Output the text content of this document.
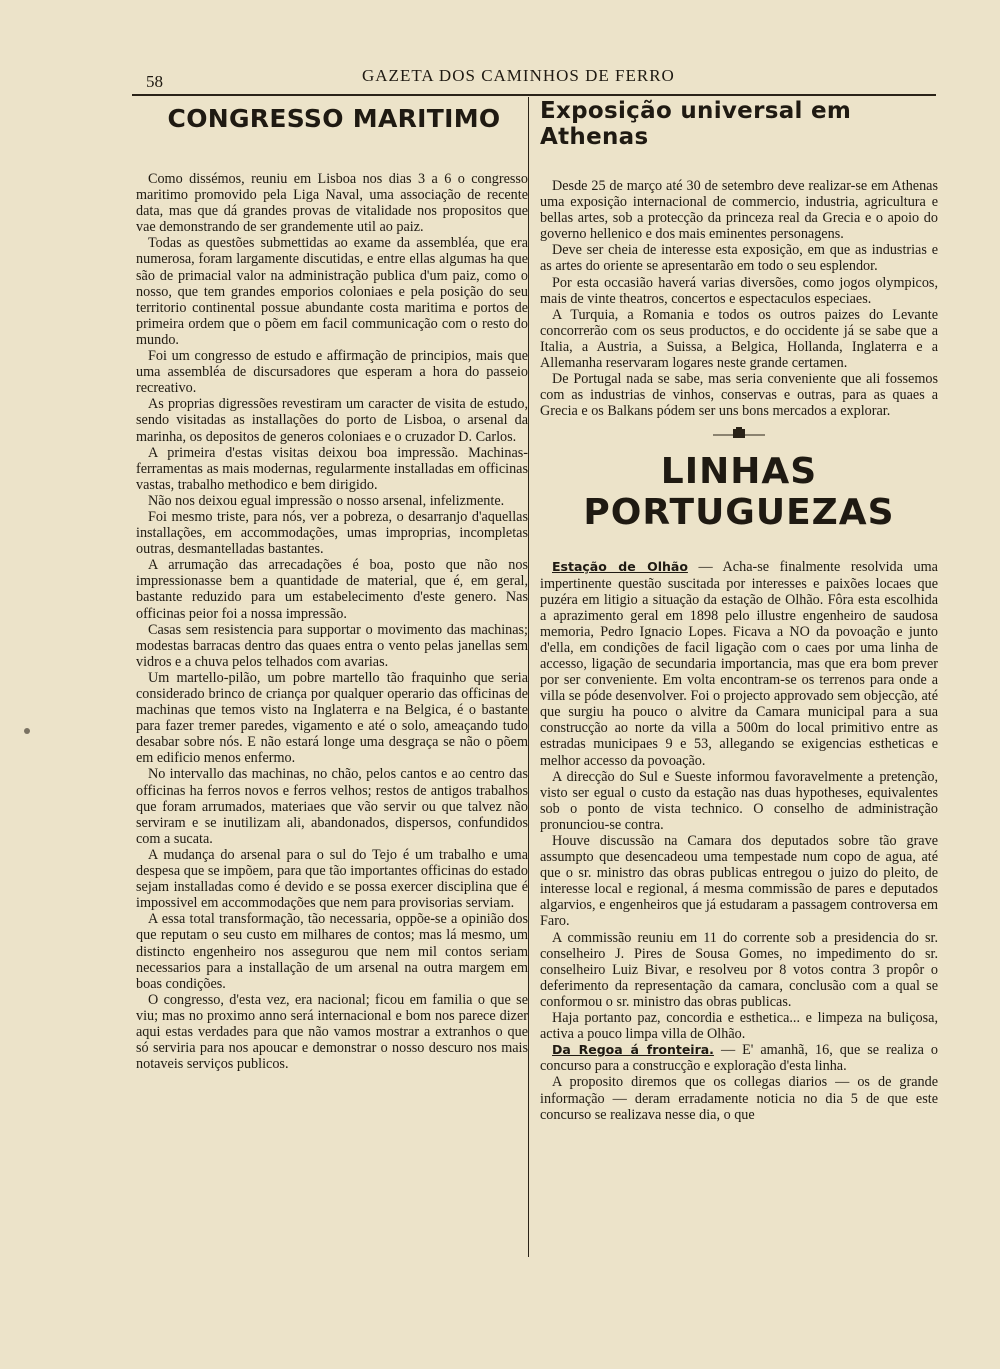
58	GAZETA DOS CAMINHOS DE FERRO
CONGRESSO MARITIMO

Como dissémos, reuniu em Lisboa nos dias 3 a 6 o congresso maritimo promovido pela Liga Naval, uma associação de recente data, mas que dá grandes provas de vitalidade nos propositos que vae demonstrando de ser grandemente util ao paiz.

Todas as questões submettidas ao exame da assembléa, que era numerosa, foram largamente discutidas, e entre ellas algumas ha que são de primacial valor na administração publica d'um paiz, como o nosso, que tem grandes emporios coloniaes e pela posição do seu territorio continental possue abundante costa maritima e portos de primeira ordem que o põem em facil communicação com o resto do mundo.

Foi um congresso de estudo e affirmação de principios, mais que uma assembléa de discursadores que esperam a hora do passeio recreativo.

As proprias digressões revestiram um caracter de visita de estudo, sendo visitadas as installações do porto de Lisboa, o arsenal da marinha, os depositos de generos coloniaes e o cruzador D. Carlos.

A primeira d'estas visitas deixou boa impressão. Machinas-ferramentas as mais modernas, regularmente installadas em officinas vastas, trabalho methodico e bem dirigido.

Não nos deixou egual impressão o nosso arsenal, infelizmente.

Foi mesmo triste, para nós, ver a pobreza, o desarranjo d'aquellas installações, em accommodações, umas improprias, incompletas outras, desmantelladas bastantes.

A arrumação das arrecadações é boa, posto que não nos impressionasse bem a quantidade de material, que é, em geral, bastante reduzido para um estabelecimento d'este genero. Nas officinas peior foi a nossa impressão.

Casas sem resistencia para supportar o movimento das machinas; modestas barracas dentro das quaes entra o vento pelas janellas sem vidros e a chuva pelos telhados com avarias.

Um martello-pilão, um pobre martello tão fraquinho que seria considerado brinco de criança por qualquer operario das officinas de machinas que temos visto na Inglaterra e na Belgica, é o bastante para fazer tremer paredes, vigamento e até o solo, ameaçando tudo desabar sobre nós. E não estará longe uma desgraça se não o põem em edificio menos enfermo.

No intervallo das machinas, no chão, pelos cantos e ao centro das officinas ha ferros novos e ferros velhos; restos de antigos trabalhos que foram arrumados, materiaes que vão servir ou que talvez não serviram e se inutilizam ali, abandonados, dispersos, confundidos com a sucata.

A mudança do arsenal para o sul do Tejo é um trabalho e uma despesa que se impõem, para que tão importantes officinas do estado sejam installadas como é devido e se possa exercer disciplina que é impossivel em accommodações que nem para provisorias serviam.

A essa total transformação, tão necessaria, oppõe-se a opinião dos que reputam o seu custo em milhares de contos; mas lá mesmo, um distincto engenheiro nos assegurou que nem mil contos seriam necessarios para a installação de um arsenal na outra margem em boas condições.

O congresso, d'esta vez, era nacional; ficou em familia o que se viu; mas no proximo anno será internacional e bom nos parece dizer aqui estas verdades para que não vamos mostrar a extranhos o que só serviria para nos apoucar e demonstrar o nosso descuro nos mais notaveis serviços publicos.

Exposição universal em Athenas

Desde 25 de março até 30 de setembro deve realizar-se em Athenas uma exposição internacional de commercio, industria, agricultura e bellas artes, sob a protecção da princeza real da Grecia e o apoio do governo hellenico e dos mais eminentes personagens.

Deve ser cheia de interesse esta exposição, em que as industrias e as artes do oriente se apresentarão em todo o seu esplendor.

Por esta occasião haverá varias diversões, como jogos olympicos, mais de vinte theatros, concertos e espectaculos especiaes.

A Turquia, a Romania e todos os outros paizes do Levante concorrerão com os seus productos, e do occidente já se sabe que a Italia, a Austria, a Suissa, a Belgica, Hollanda, Inglaterra e a Allemanha reservaram logares neste grande certamen.

De Portugal nada se sabe, mas seria conveniente que ali fossemos com as industrias de vinhos, conservas e outras, para as quaes a Grecia e os Balkans pódem ser uns bons mercados a explorar.

LINHAS PORTUGUEZAS

Estação de Olhão — Acha-se finalmente resolvida uma impertinente questão suscitada por interesses e paixões locaes que puzéra em litigio a situação da estação de Olhão. Fôra esta escolhida a aprazimento geral em 1898 pelo illustre engenheiro de saudosa memoria, Pedro Ignacio Lopes. Ficava a NO da povoação e junto d'ella, em condições de facil ligação com o caes por uma linha de accesso, ligação de secundaria importancia, mas que era bom prever por ser conveniente. Em volta encontram-se os terrenos para onde a villa se póde desenvolver. Foi o projecto approvado sem objecção, até que surgiu ha pouco o alvitre da Camara municipal para a sua construcção ao norte da villa a 500m do local primitivo entre as estradas municipaes 9 e 53, allegando se exigencias estheticas e melhor accesso da povoação.

A direcção do Sul e Sueste informou favoravelmente a pretenção, visto ser egual o custo da estação nas duas hypotheses, equivalentes sob o ponto de vista technico. O conselho de administração pronunciou-se contra.

Houve discussão na Camara dos deputados sobre tão grave assumpto que desencadeou uma tempestade num copo de agua, até que o sr. ministro das obras publicas entregou o juizo do pleito, de interesse local e regional, á mesma commissão de pares e deputados algarvios, e engenheiros que já estudaram a passagem controversa em Faro.

A commissão reuniu em 11 do corrente sob a presidencia do sr. conselheiro J. Pires de Sousa Gomes, no impedimento do sr. conselheiro Luiz Bivar, e resolveu por 8 votos contra 3 propôr o deferimento da representação da camara, conclusão com a qual se conformou o sr. ministro das obras publicas.

Haja portanto paz, concordia e esthetica... e limpeza na buliçosa, activa a pouco limpa villa de Olhão.

Da Regoa á fronteira. — E' amanhã, 16, que se realiza o concurso para a construcção e exploração d'esta linha.

A proposito diremos que os collegas diarios — os de grande informação — deram erradamente noticia no dia 5 de que este concurso se realizava nesse dia, o que
